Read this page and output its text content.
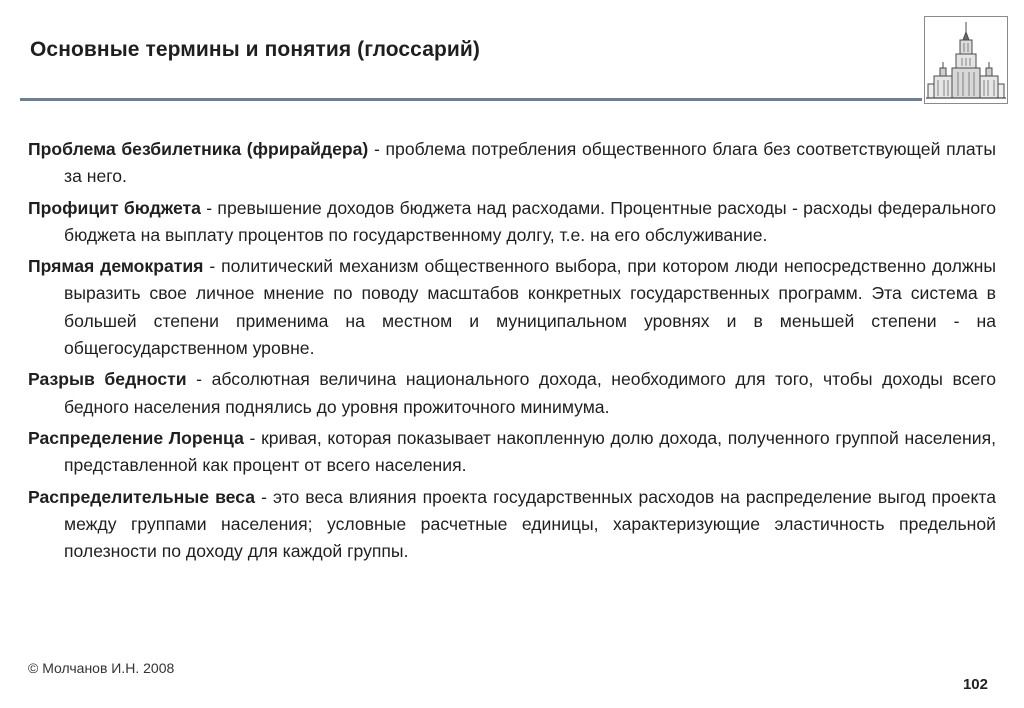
Основные термины и понятия (глоссарий)

Проблема безбилетника (фрирайдера) - проблема потребления общественного блага без соответствующей платы за него.

Профицит бюджета - превышение доходов бюджета над расходами. Процентные расходы - расходы федерального бюджета на выплату процентов по государственному долгу, т.е. на его обслуживание.

Прямая демократия - политический механизм общественного выбора, при котором люди непосредственно должны выразить свое личное мнение по поводу масштабов конкретных государственных программ. Эта система в большей степени применима на местном и муниципальном уровнях и в меньшей степени - на общегосударственном уровне.

Разрыв бедности - абсолютная величина национального дохода, необходимого для того, чтобы доходы всего бедного населения поднялись до уровня прожиточного минимума.

Распределение Лоренца - кривая, которая показывает накопленную долю дохода, полученного группой населения, представленной как процент от всего населения.

Распределительные веса - это веса влияния проекта государственных расходов на распределение выгод проекта между группами населения; условные расчетные единицы, характеризующие эластичность предельной полезности по доходу для каждой группы.

© Молчанов И.Н. 2008
102
